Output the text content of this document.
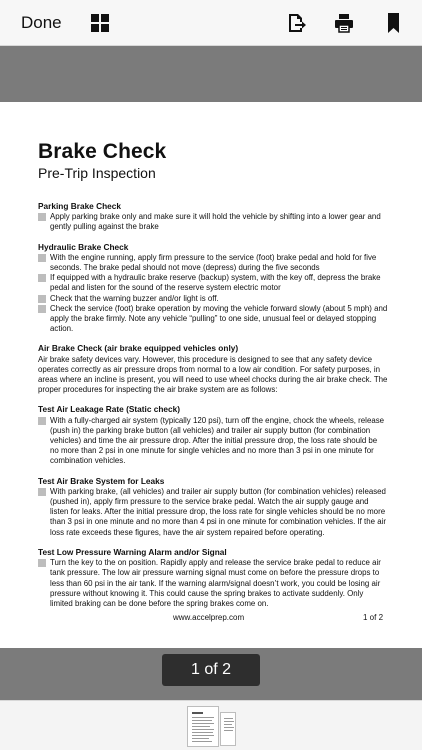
Done
Brake Check
Pre-Trip Inspection
Parking Brake Check
Apply parking brake only and make sure it will hold the vehicle by shifting into a lower gear and gently pulling against the brake
Hydraulic Brake Check
With the engine running, apply firm pressure to the service (foot) brake pedal and hold for five seconds. The brake pedal should not move (depress) during the five seconds
If equipped with a hydraulic brake reserve (backup) system, with the key off, depress the brake pedal and listen for the sound of the reserve system electric motor
Check that the warning buzzer and/or light is off.
Check the service (foot) brake operation by moving the vehicle forward slowly (about 5 mph) and apply the brake firmly. Note any vehicle “pulling” to one side, unusual feel or delayed stopping action.
Air Brake Check (air brake equipped vehicles only)
Air brake safety devices vary. However, this procedure is designed to see that any safety device operates correctly as air pressure drops from normal to a low air condition. For safety purposes, in areas where an incline is present, you will need to use wheel chocks during the air brake check. The proper procedures for inspecting the air brake system are as follows:
Test Air Leakage Rate (Static check)
With a fully-charged air system (typically 120 psi), turn off the engine, chock the wheels, release (push in) the parking brake button (all vehicles) and trailer air supply button (for combination vehicles) and time the air pressure drop. After the initial pressure drop, the loss rate should be no more than 2 psi in one minute for single vehicles and no more than 3 psi in one minute for combination vehicles.
Test Air Brake System for Leaks
With parking brake, (all vehicles) and trailer air supply button (for combination vehicles) released (pushed in), apply firm pressure to the service brake pedal. Watch the air supply gauge and listen for leaks. After the initial pressure drop, the loss rate for single vehicles should be no more than 3 psi in one minute and no more than 4 psi in one minute for combination vehicles. If the air loss rate exceeds these figures, have the air system repaired before operating.
Test Low Pressure Warning Alarm and/or Signal
Turn the key to the on position. Rapidly apply and release the service brake pedal to reduce air tank pressure. The low air pressure warning signal must come on before the pressure drops to less than 60 psi in the air tank. If the warning alarm/signal doesn’t work, you could be losing air pressure without knowing it. This could cause the spring brakes to activate suddenly. Only limited braking can be done before the spring brakes come on.
www.accelprep.com	1 of 2
1 of 2
